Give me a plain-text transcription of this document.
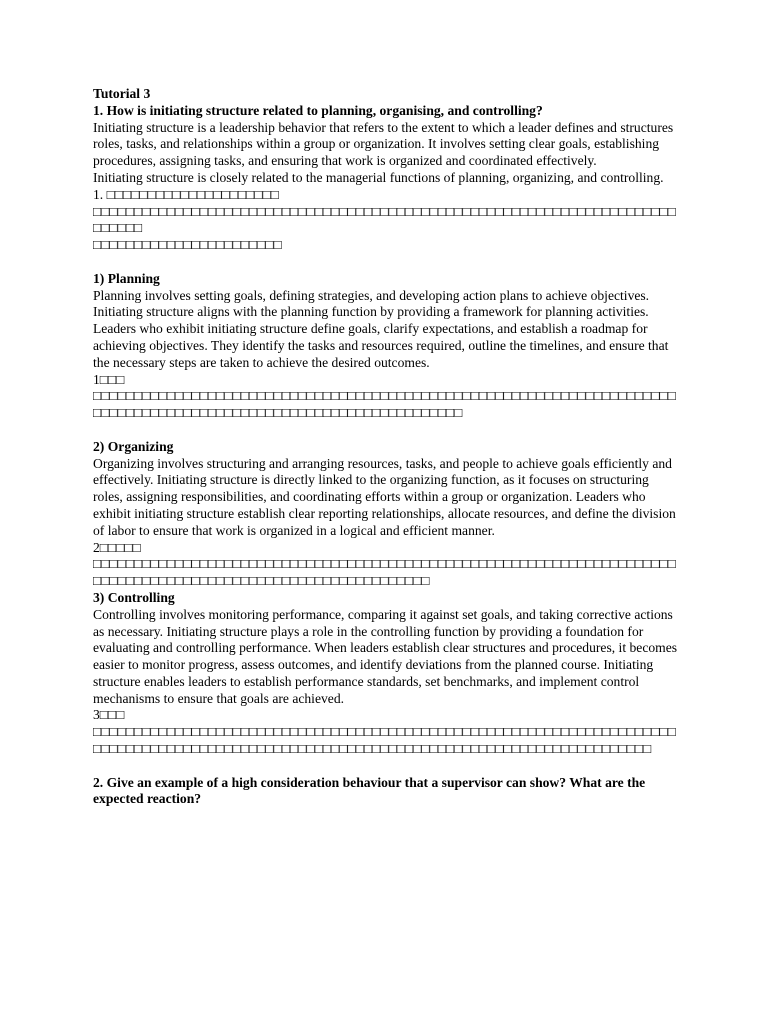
Tutorial 3

1. How is initiating structure related to planning, organising, and controlling?

Initiating structure is a leadership behavior that refers to the extent to which a leader defines and structures roles, tasks, and relationships within a group or organization. It involves setting clear goals, establishing procedures, assigning tasks, and ensuring that work is organized and coordinated effectively.

Initiating structure is closely related to the managerial functions of planning, organizing, and controlling.

1. □□□□□□□□□□□□□□□□□□□□□

□□□□□□□□□□□□□□□□□□□□□□□□□□□□□□□□□□□□□□□□□□□□□□□□□□□□□□□□□□□□□□□□□□□□□□□□□□□□□

□□□□□□□□□□□□□□□□□□□□□□□

1) Planning

Planning involves setting goals, defining strategies, and developing action plans to achieve objectives. Initiating structure aligns with the planning function by providing a framework for planning activities. Leaders who exhibit initiating structure define goals, clarify expectations, and establish a roadmap for achieving objectives. They identify the tasks and resources required, outline the timelines, and ensure that the necessary steps are taken to achieve the desired outcomes.

1□□□

□□□□□□□□□□□□□□□□□□□□□□□□□□□□□□□□□□□□□□□□□□□□□□□□□□□□□□□□□□□□□□□□□□□□□□□□□□□□□□□□□□□□□□□□□□□□□□□□□□□□□□□□□□□□□□□□□□□□

2) Organizing

Organizing involves structuring and arranging resources, tasks, and people to achieve goals efficiently and effectively. Initiating structure is directly linked to the organizing function, as it focuses on structuring roles, assigning responsibilities, and coordinating efforts within a group or organization. Leaders who exhibit initiating structure establish clear reporting relationships, allocate resources, and define the division of labor to ensure that work is organized in a logical and efficient manner.

2□□□□□

□□□□□□□□□□□□□□□□□□□□□□□□□□□□□□□□□□□□□□□□□□□□□□□□□□□□□□□□□□□□□□□□□□□□□□□□□□□□□□□□□□□□□□□□□□□□□□□□□□□□□□□□□□□□□□□□

3) Controlling

Controlling involves monitoring performance, comparing it against set goals, and taking corrective actions as necessary. Initiating structure plays a role in the controlling function by providing a foundation for evaluating and controlling performance. When leaders establish clear structures and procedures, it becomes easier to monitor progress, assess outcomes, and identify deviations from the planned course. Initiating structure enables leaders to establish performance standards, set benchmarks, and implement control mechanisms to ensure that goals are achieved.

3□□□

□□□□□□□□□□□□□□□□□□□□□□□□□□□□□□□□□□□□□□□□□□□□□□□□□□□□□□□□□□□□□□□□□□□□□□□□□□□□□□□□□□□□□□□□□□□□□□□□□□□□□□□□□□□□□□□□□□□□□□□□□□□□□□□□□□□□□□□□□□□

2. Give an example of a high consideration behaviour that a supervisor can show? What are the expected reaction?
